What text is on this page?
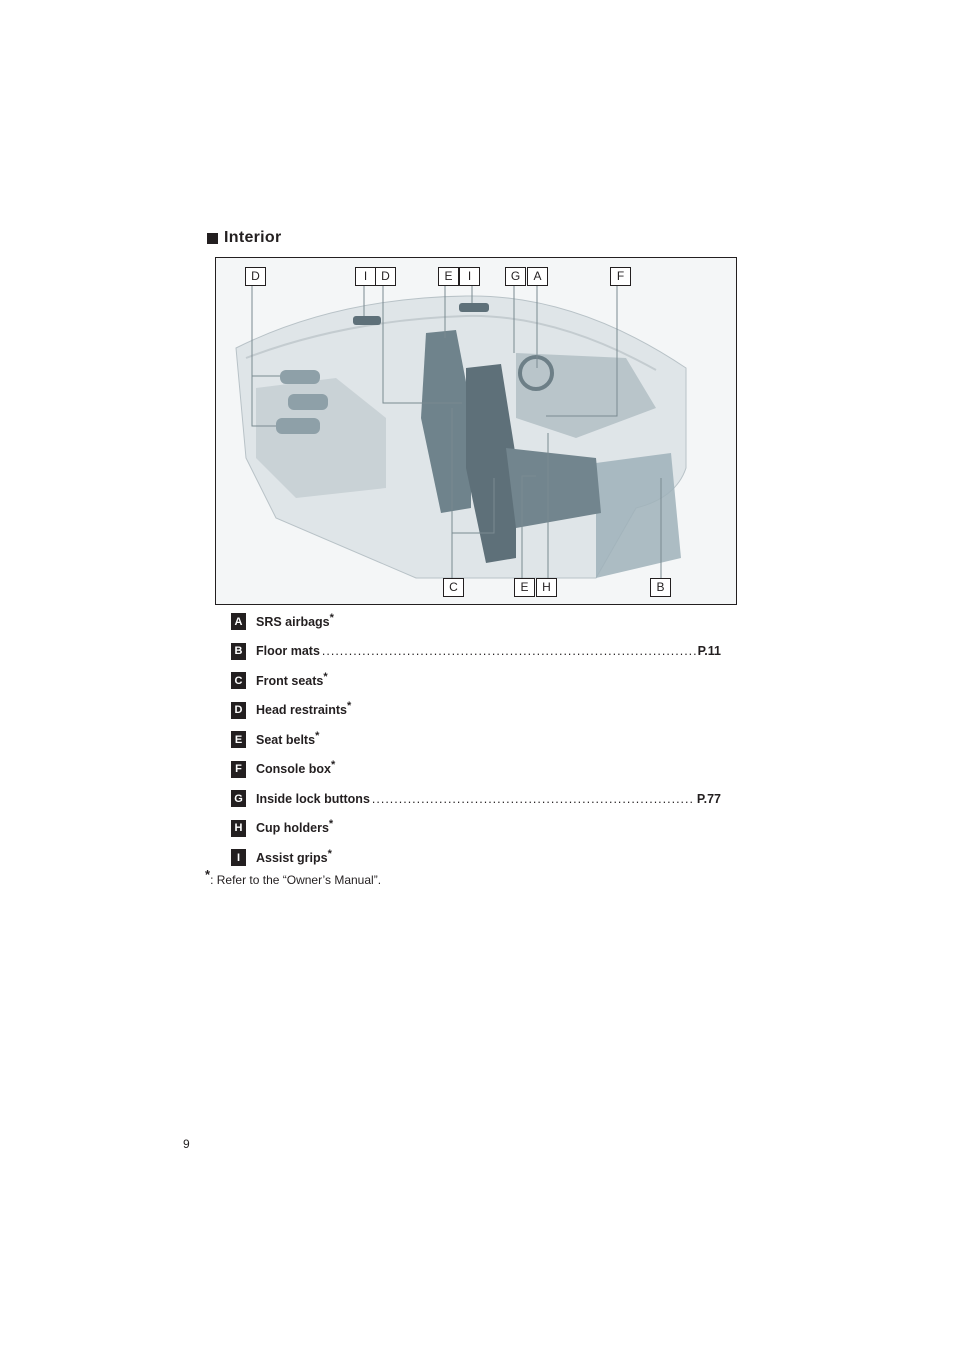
Interior
D	I	D	E	I	G	A	F
C	E	H	B
A SRS airbags*
B Floor mats .....	P.11
C Front seats*
D Head restraints*
E	Seat belts*
F	Console box*
G Inside lock buttons .....	P.77
H Cup holders*
I	Assist grips*
*: Refer to the “Owner’s Manual”.
9
